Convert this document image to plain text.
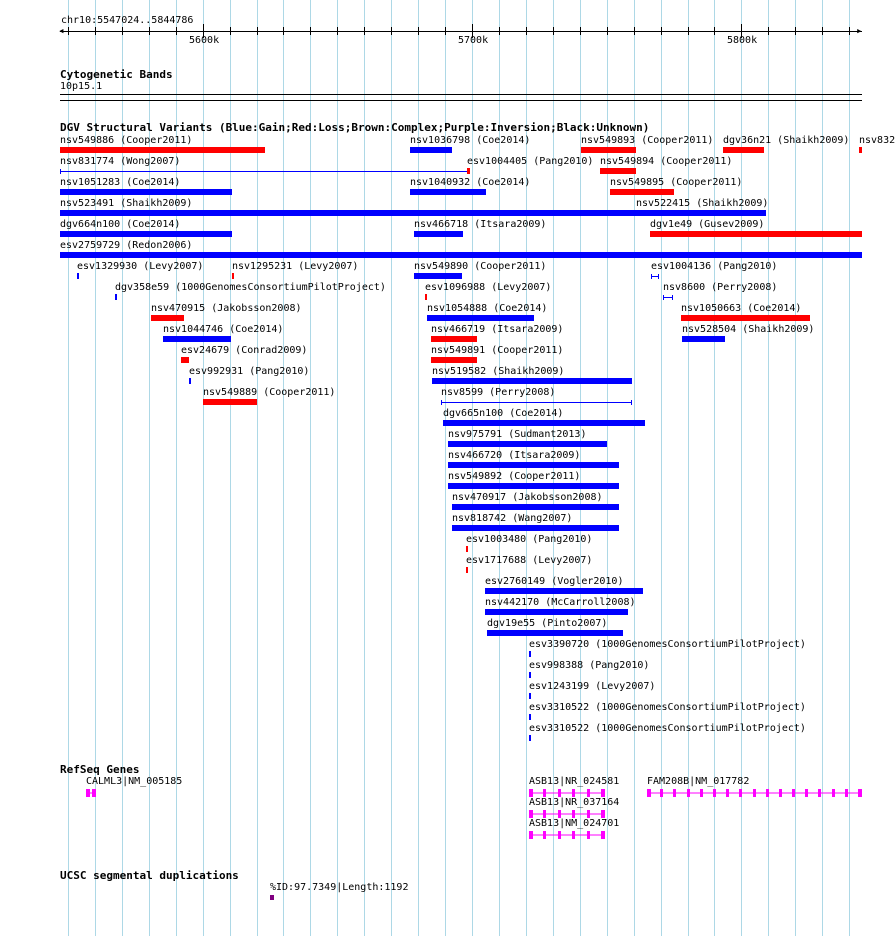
chr10:5547024..5844786
◂	▸
5600k	5700k	5800k
Cytogenetic Bands
10p15.1
DGV Structural Variants (Blue:Gain;Red:Loss;Brown:Complex;Purple:Inversion;Black:Unknown)
nsv549886 (Cooper2011)	nsv1036798 (Coe2014)	nsv549893 (Cooper2011) dgv36n21 (Shaikh2009) nsv832
nsv831774 (Wong2007)	esv1004405 (Pang2010) nsv549894 (Cooper2011)
nsv1051283 (Coe2014)	nsv1040932 (Coe2014)	nsv549895 (Cooper2011)
nsv523491 (Shaikh2009)	nsv522415 (Shaikh2009)
dgv664n100 (Coe2014)	nsv466718 (Itsara2009)	dgv1e49 (Gusev2009)
esv2759729 (Redon2006)
esv1329930 (Levy2007)	nsv1295231 (Levy2007)	nsv549890 (Cooper2011)	esv1004136 (Pang2010)
dgv358e59 (1000GenomesConsortiumPilotProject)	esv1096988 (Levy2007)	nsv8600 (Perry2008)
nsv470915 (Jakobsson2008)	nsv1054888 (Coe2014)	nsv1050663 (Coe2014)
nsv1044746 (Coe2014)	nsv466719 (Itsara2009)	nsv528504 (Shaikh2009)
esv24679 (Conrad2009)	nsv549891 (Cooper2011)
esv992931 (Pang2010)	nsv519582 (Shaikh2009)
nsv549889 (Cooper2011)	nsv8599 (Perry2008)
dgv665n100 (Coe2014)
nsv975791 (Sudmant2013)
nsv466720 (Itsara2009)
nsv549892 (Cooper2011)
nsv470917 (Jakobsson2008)
nsv818742 (Wang2007)
esv1003480 (Pang2010)
esv1717688 (Levy2007)
esv2760149 (Vogler2010)
nsv442170 (McCarroll2008)
dgv19e55 (Pinto2007)
esv3390720 (1000GenomesConsortiumPilotProject)
esv998388 (Pang2010)
esv1243199 (Levy2007)
esv3310522 (1000GenomesConsortiumPilotProject)
esv3310522 (1000GenomesConsortiumPilotProject)
RefSeq Genes
CALML3|NM_005185	ASB13|NR_024581	FAM208B|NM_017782
ASB13|NR_037164
ASB13|NM_024701
UCSC segmental duplications
%ID:97.7349|Length:1192
